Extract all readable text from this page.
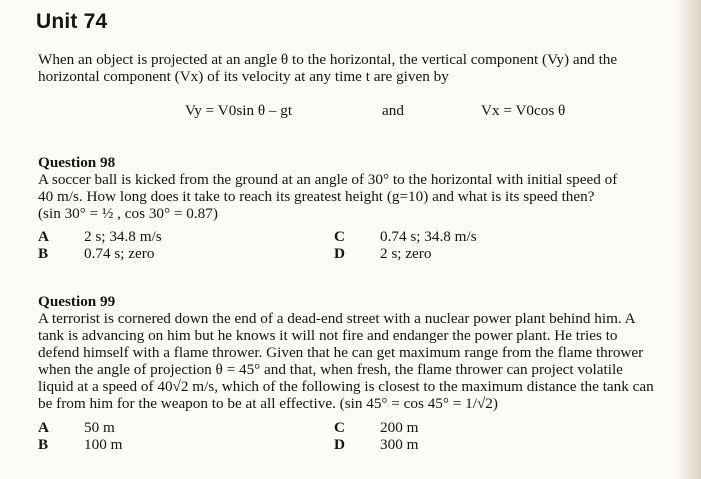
Unit 74
When an object is projected at an angle θ to the horizontal, the vertical component (Vy) and the
horizontal component (Vx) of its velocity at any time t are given by
Vy = V0sin θ – gt	and	Vx = V0cos θ
Question 98
A soccer ball is kicked from the ground at an angle of 30° to the horizontal with initial speed of
40 m/s. How long does it take to reach its greatest height (g=10) and what is its speed then?
(sin 30° = ½ , cos 30° = 0.87)
A 2 s; 34.8 m/s
B 0.74 s; zero
C 0.74 s; 34.8 m/s
D 2 s; zero
Question 99
A terrorist is cornered down the end of a dead-end street with a nuclear power plant behind him. A
tank is advancing on him but he knows it will not fire and endanger the power plant. He tries to
defend himself with a flame thrower. Given that he can get maximum range from the flame thrower
when the angle of projection θ = 45° and that, when fresh, the flame thrower can project volatile
liquid at a speed of 40√2 m/s, which of the following is closest to the maximum distance the tank can
be from him for the weapon to be at all effective. (sin 45° = cos 45° = 1/√2)
A 50 m
B 100 m
C 200 m
D 300 m
